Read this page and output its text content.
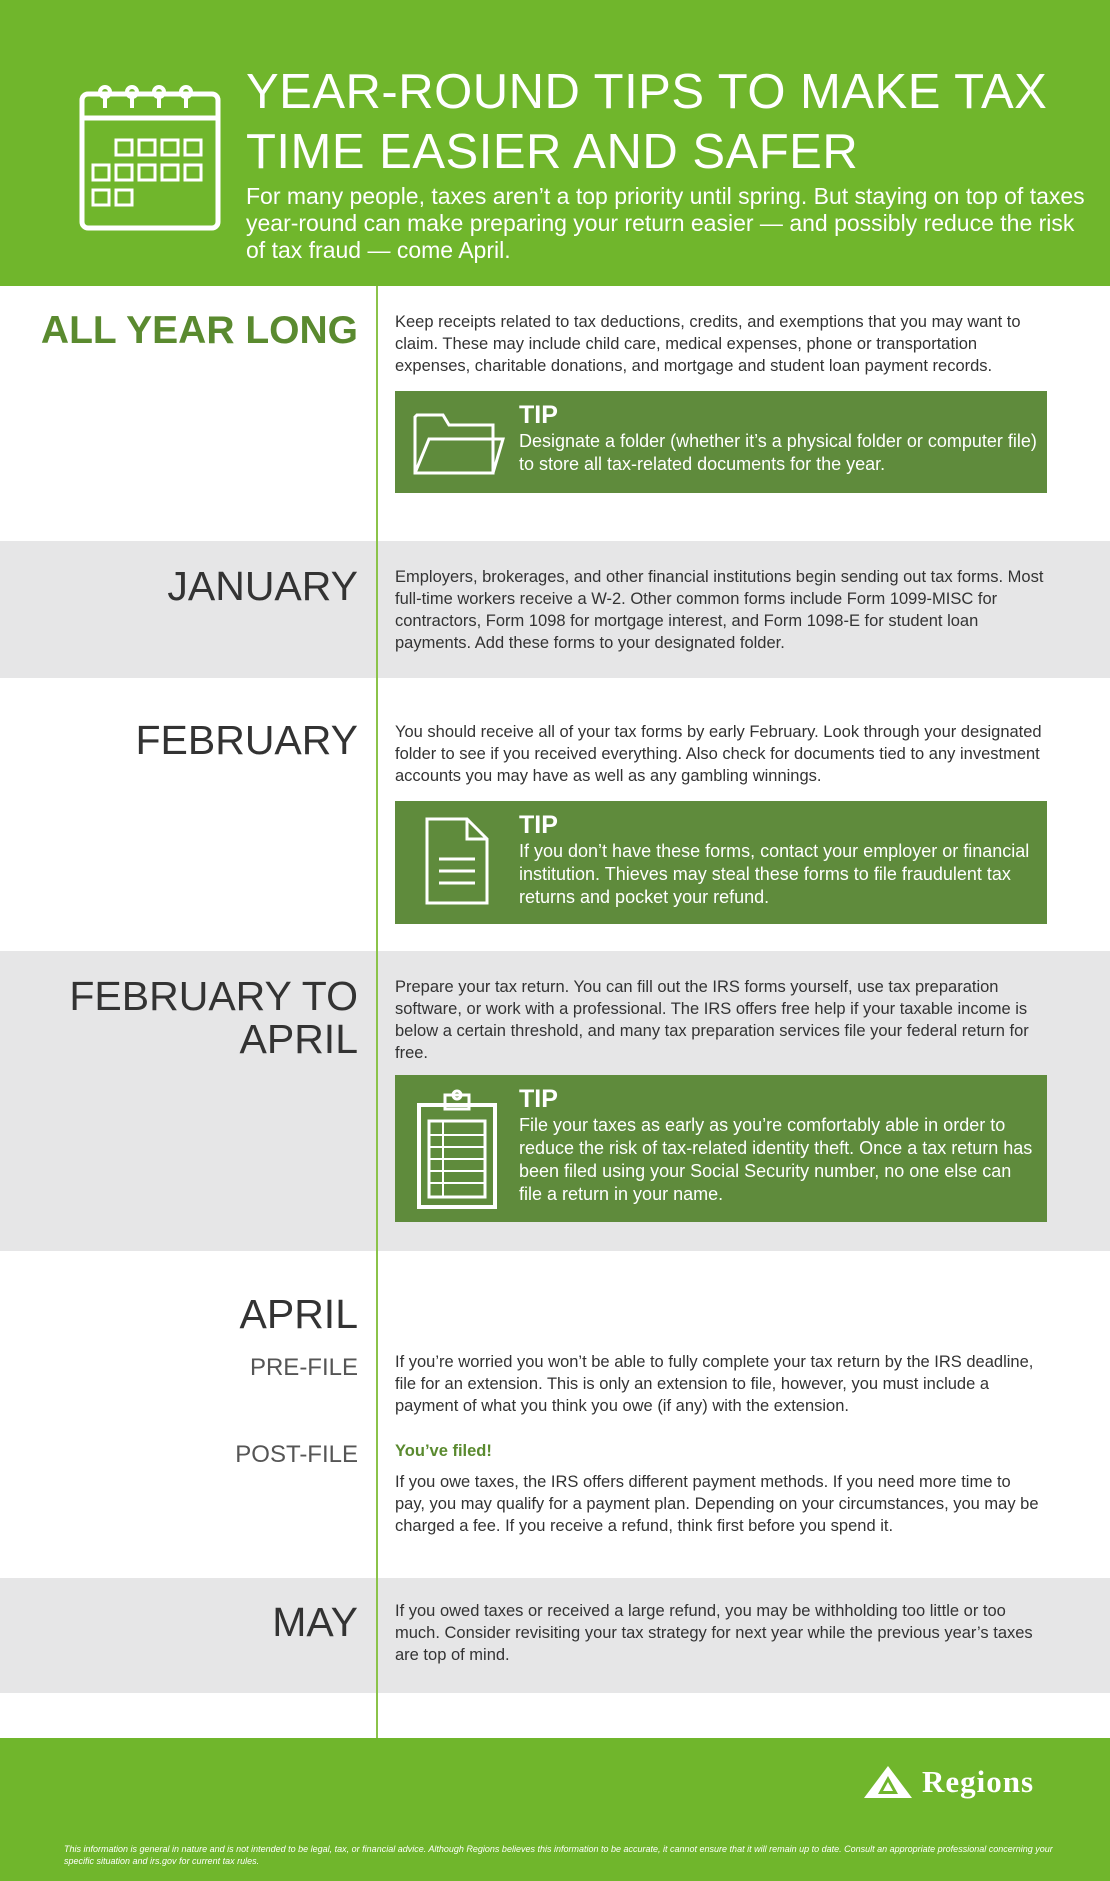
YEAR-ROUND TIPS TO MAKE TAX TIME EASIER AND SAFER
For many people, taxes aren’t a top priority until spring. But staying on top of taxes year-round can make preparing your return easier — and possibly reduce the risk of tax fraud — come April.
ALL YEAR LONG Keep receipts related to tax deductions, credits, and exemptions that you may want to claim. These may include child care, medical expenses, phone or transportation expenses, charitable donations, and mortgage and student loan payment records.
TIP
Designate a folder (whether it’s a physical folder or computer file) to store all tax-related documents for the year.
JANUARY Employers, brokerages, and other financial institutions begin sending out tax forms. Most full-time workers receive a W-2. Other common forms include Form 1099-MISC for contractors, Form 1098 for mortgage interest, and Form 1098-E for student loan payments. Add these forms to your designated folder.
FEBRUARY You should receive all of your tax forms by early February. Look through your designated folder to see if you received everything. Also check for documents tied to any investment accounts you may have as well as any gambling winnings.
TIP
If you don’t have these forms, contact your employer or financial institution. Thieves may steal these forms to file fraudulent tax returns and pocket your refund.
FEBRUARY TO
APRIL
Prepare your tax return. You can fill out the IRS forms yourself, use tax preparation software, or work with a professional. The IRS offers free help if your taxable income is below a certain threshold, and many tax preparation services file your federal return for free.
TIP
File your taxes as early as you’re comfortably able in order to reduce the risk of tax-related identity theft. Once a tax return has been filed using your Social Security number, no one else can file a return in your name.
APRIL
PRE-FILE If you’re worried you won’t be able to fully complete your tax return by the IRS deadline, file for an extension. This is only an extension to file, however, you must include a payment of what you think you owe (if any) with the extension.
POST-FILE You’ve filed!
If you owe taxes, the IRS offers different payment methods. If you need more time to pay, you may qualify for a payment plan. Depending on your circumstances, you may be charged a fee. If you receive a refund, think first before you spend it.
MAY If you owed taxes or received a large refund, you may be withholding too little or too much. Consider revisiting your tax strategy for next year while the previous year’s taxes are top of mind.
Regions
This information is general in nature and is not intended to be legal, tax, or financial advice. Although Regions believes this information to be accurate, it cannot ensure that it will remain up to date. Consult an appropriate professional concerning your specific situation and irs.gov for current tax rules.
